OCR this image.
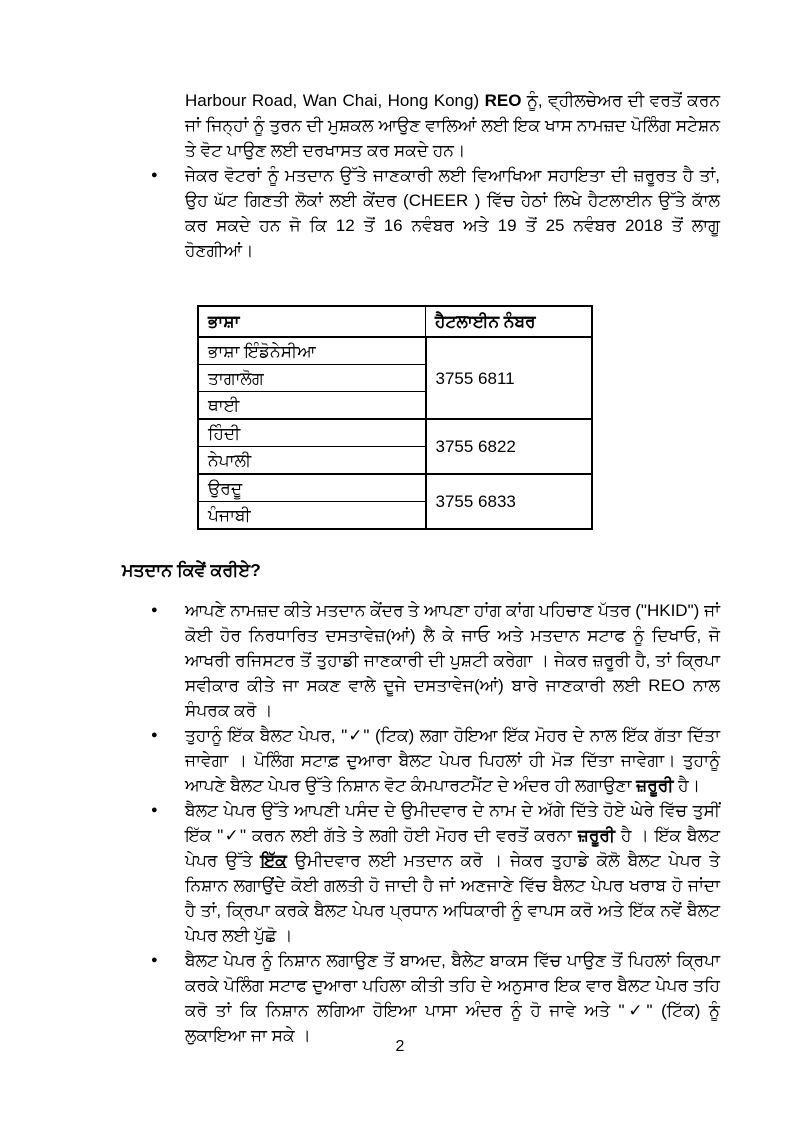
Harbour Road, Wan Chai, Hong Kong) REO ਨੂੰ, ਵ੍ਹੀਲਚੇਅਰ ਦੀ ਵਰਤੋਂ ਕਰਨ ਜਾਂ ਜਿਨ੍ਹਾਂ ਨੂੰ ਤੁਰਨ ਦੀ ਮੁਸ਼ਕਲ ਆਉਣ ਵਾਲਿਆਂ ਲਈ ਇਕ ਖਾਸ ਨਾਮਜ਼ਦ ਪੋਲਿੰਗ ਸਟੇਸ਼ਨ ਤੇ ਵੋਟ ਪਾਉਣ ਲਈ ਦਰਖਾਸਤ ਕਰ ਸਕਦੇ ਹਨ।

● ਜੇਕਰ ਵੋਟਰਾਂ ਨੂੰ ਮਤਦਾਨ ਉੱਤੇ ਜਾਣਕਾਰੀ ਲਈ ਵਿਆਖਿਆ ਸਹਾਇਤਾ ਦੀ ਜ਼ਰੂਰਤ ਹੈ ਤਾਂ, ਉਹ ਘੱਟ ਗਿਣਤੀ ਲੋਕਾਂ ਲਈ ਕੇਂਦਰ (CHEER ) ਵਿੱਚ ਹੇਠਾਂ ਲਿਖੇ ਹੈਟਲਾਈਨ ਉੱਤੇ ਕਾੱਲ ਕਰ ਸਕਦੇ ਹਨ ਜੋ ਕਿ 12 ਤੋਂ 16 ਨਵੰਬਰ ਅਤੇ 19 ਤੋਂ 25 ਨਵੰਬਰ 2018 ਤੋਂ ਲਾਗੂ ਹੋਣਗੀਆਂ।

ਭਾਸ਼ਾ	ਹੈਟਲਾਈਨ ਨੰਬਰ
ਭਾਸ਼ਾ ਇੰਡੋਨੇਸੀਆ	3755 6811
ਤਾਗਾਲੋਗ	
ਥਾਈ	
ਹਿੰਦੀ	3755 6822
ਨੇਪਾਲੀ	
ਉਰਦੂ	3755 6833
ਪੰਜਾਬੀ	
ਮਤਦਾਨ ਕਿਵੇਂ ਕਰੀਏ?
● ਆਪਣੇ ਨਾਮਜ਼ਦ ਕੀਤੇ ਮਤਦਾਨ ਕੇਂਦਰ ਤੇ ਆਪਣਾ ਹਾਂਗ ਕਾਂਗ ਪਹਿਚਾਣ ਪੱਤਰ ("HKID") ਜਾਂ ਕੋਈ ਹੋਰ ਨਿਰਧਾਰਿਤ ਦਸਤਾਵੇਜ਼(ਆਂ) ਲੈ ਕੇ ਜਾਓ ਅਤੇ ਮਤਦਾਨ ਸਟਾਫ ਨੂੰ ਦਿਖਾਓ, ਜੋ ਆਖਰੀ ਰਜਿਸਟਰ ਤੋਂ ਤੁਹਾਡੀ ਜਾਣਕਾਰੀ ਦੀ ਪੁਸ਼ਟੀ ਕਰੇਗਾ । ਜੇਕਰ ਜ਼ਰੂਰੀ ਹੈ, ਤਾਂ ਕ੍ਰਿਪਾ ਸਵੀਕਾਰ ਕੀਤੇ ਜਾ ਸਕਣ ਵਾਲੇ ਦੂਜੇ ਦਸਤਾਵੇਜ(ਆਂ) ਬਾਰੇ ਜਾਣਕਾਰੀ ਲਈ REO ਨਾਲ ਸੰਪਰਕ ਕਰੋ ।

● ਤੁਹਾਨੂੰ ਇੱਕ ਬੈਲਟ ਪੇਪਰ, "✓" (ਟਿਕ) ਲਗਾ ਹੋਇਆ ਇੱਕ ਮੋਹਰ ਦੇ ਨਾਲ ਇੱਕ ਗੱਤਾ ਦਿੱਤਾ ਜਾਵੇਗਾ । ਪੋਲਿੰਗ ਸਟਾਫ਼ ਦੁਆਰਾ ਬੈਲਟ ਪੇਪਰ ਪਿਹਲਾਂ ਹੀ ਮੋੜ ਦਿੱਤਾ ਜਾਵੇਗਾ। ਤੁਹਾਨੂੰ ਆਪਣੇ ਬੈਲਟ ਪੇਪਰ ਉੱਤੇ ਨਿਸ਼ਾਨ ਵੋਟ ਕੰਮਪਾਰਟਮੈਂਟ ਦੇ ਅੰਦਰ ਹੀ ਲਗਾਉਣਾ ਜ਼ਰੂਰੀ ਹੈ।

● ਬੈਲਟ ਪੇਪਰ ਉੱਤੇ ਆਪਣੀ ਪਸੰਦ ਦੇ ਉਮੀਦਵਾਰ ਦੇ ਨਾਮ ਦੇ ਅੱਗੇ ਦਿੱਤੇ ਹੋਏ ਘੇਰੇ ਵਿੱਚ ਤੁਸੀਂ ਇੱਕ "✓" ਕਰਨ ਲਈ ਗੱਤੇ ਤੇ ਲਗੀ ਹੋਈ ਮੋਹਰ ਦੀ ਵਰਤੋਂ ਕਰਨਾ ਜ਼ਰੂਰੀ ਹੈ । ਇੱਕ ਬੈਲਟ ਪੇਪਰ ਉੱਤੇ ਇੱਕ ਉਮੀਦਵਾਰ ਲਈ ਮਤਦਾਨ ਕਰੋ । ਜੇਕਰ ਤੁਹਾਡੇ ਕੋਲੋ ਬੈਲਟ ਪੇਪਰ ਤੇ ਨਿਸ਼ਾਨ ਲਗਾਉਂਦੇ ਕੋਈ ਗਲਤੀ ਹੋ ਜਾਦੀ ਹੈ ਜਾਂ ਅਣਜਾਣੇ ਵਿੱਚ ਬੈਲਟ ਪੇਪਰ ਖਰਾਬ ਹੋ ਜਾਂਦਾ ਹੈ ਤਾਂ, ਕ੍ਰਿਪਾ ਕਰਕੇ ਬੈਲਟ ਪੇਪਰ ਪ੍ਰਧਾਨ ਅਧਿਕਾਰੀ ਨੂੰ ਵਾਪਸ ਕਰੋ ਅਤੇ ਇੱਕ ਨਵੇਂ ਬੈਲਟ ਪੇਪਰ ਲਈ ਪੁੱਛੋ ।

● ਬੈਲਟ ਪੇਪਰ ਨੂੰ ਨਿਸ਼ਾਨ ਲਗਾਉਣ ਤੋਂ ਬਾਅਦ, ਬੈਲੇਟ ਬਾਕਸ ਵਿੱਚ ਪਾਉਣ ਤੋਂ ਪਿਹਲਾਂ ਕ੍ਰਿਪਾ ਕਰਕੇ ਪੋਲਿੰਗ ਸਟਾਫ ਦੁਆਰਾ ਪਹਿਲਾ ਕੀਤੀ ਤਹਿ ਦੇ ਅਨੁਸਾਰ ਇਕ ਵਾਰ ਬੈਲਟ ਪੇਪਰ ਤਹਿ ਕਰੋ ਤਾਂ ਕਿ ਨਿਸ਼ਾਨ ਲਗਿਆ ਹੋਇਆ ਪਾਸਾ ਅੰਦਰ ਨੂੰ ਹੋ ਜਾਵੇ ਅਤੇ "✓" (ਟਿੱਕ) ਨੂੰ ਲੁਕਾਇਆ ਜਾ ਸਕੇ ।

2
